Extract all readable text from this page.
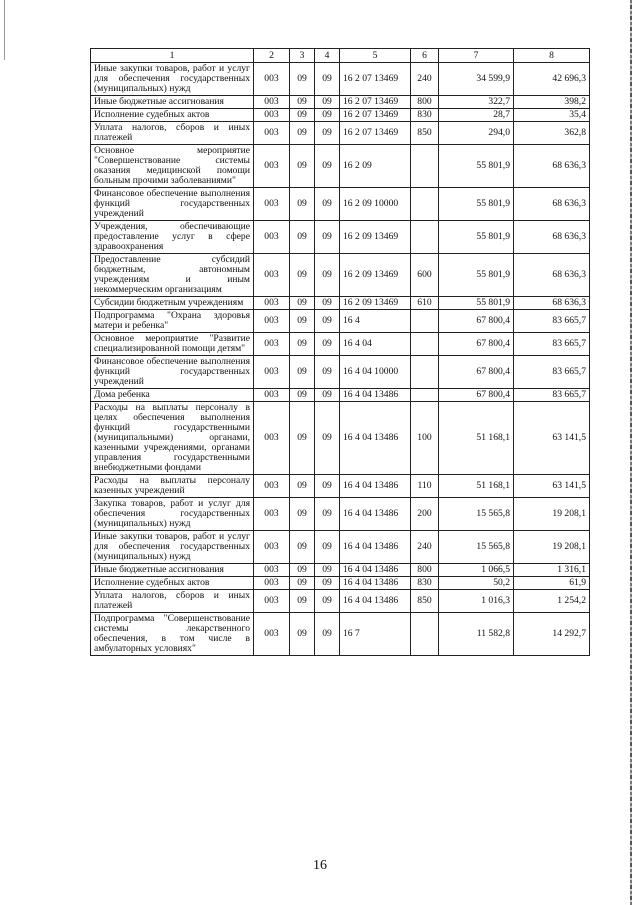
1	2	3	4	5	6	7	8
Иные закупки товаров, работ и услуг для обеспечения государственных (муниципальных) нужд	003	09	09	16 2 07 13469	240	34 599,9	42 696,3
Иные бюджетные ассигнования	003	09	09	16 2 07 13469	800	322,7	398,2
Исполнение судебных актов	003	09	09	16 2 07 13469	830	28,7	35,4
Уплата налогов, сборов и иных платежей	003	09	09	16 2 07 13469	850	294,0	362,8
Основное мероприятие "Совершенствование системы оказания медицинской помощи больным прочими заболеваниями"	003	09	09	16 2 09		55 801,9	68 636,3
Финансовое обеспечение выполнения функций государственных учреждений	003	09	09	16 2 09 10000		55 801,9	68 636,3
Учреждения, обеспечивающие предоставление услуг в сфере здравоохранения	003	09	09	16 2 09 13469		55 801,9	68 636,3
Предоставление субсидий бюджетным, автономным учреждениям и иным некоммерческим организациям	003	09	09	16 2 09 13469	600	55 801,9	68 636,3
Субсидии бюджетным учреждениям	003	09	09	16 2 09 13469	610	55 801,9	68 636,3
Подпрограмма "Охрана здоровья матери и ребенка"	003	09	09	16 4		67 800,4	83 665,7
Основное мероприятие "Развитие специализированной помощи детям"	003	09	09	16 4 04		67 800,4	83 665,7
Финансовое обеспечение выполнения функций государственных учреждений	003	09	09	16 4 04 10000		67 800,4	83 665,7
Дома ребенка	003	09	09	16 4 04 13486		67 800,4	83 665,7
Расходы на выплаты персоналу в целях обеспечения выполнения функций государственными (муниципальными) органами, казенными учреждениями, органами управления государственными внебюджетными фондами	003	09	09	16 4 04 13486	100	51 168,1	63 141,5
Расходы на выплаты персоналу казенных учреждений	003	09	09	16 4 04 13486	110	51 168,1	63 141,5
Закупка товаров, работ и услуг для обеспечения государственных (муниципальных) нужд	003	09	09	16 4 04 13486	200	15 565,8	19 208,1
Иные закупки товаров, работ и услуг для обеспечения государственных (муниципальных) нужд	003	09	09	16 4 04 13486	240	15 565,8	19 208,1
Иные бюджетные ассигнования	003	09	09	16 4 04 13486	800	1 066,5	1 316,1
Исполнение судебных актов	003	09	09	16 4 04 13486	830	50,2	61,9
Уплата налогов, сборов и иных платежей	003	09	09	16 4 04 13486	850	1 016,3	1 254,2
Подпрограмма "Совершенствование системы лекарственного обеспечения, в том числе в амбулаторных условиях"	003	09	09	16 7		11 582,8	14 292,7
16
